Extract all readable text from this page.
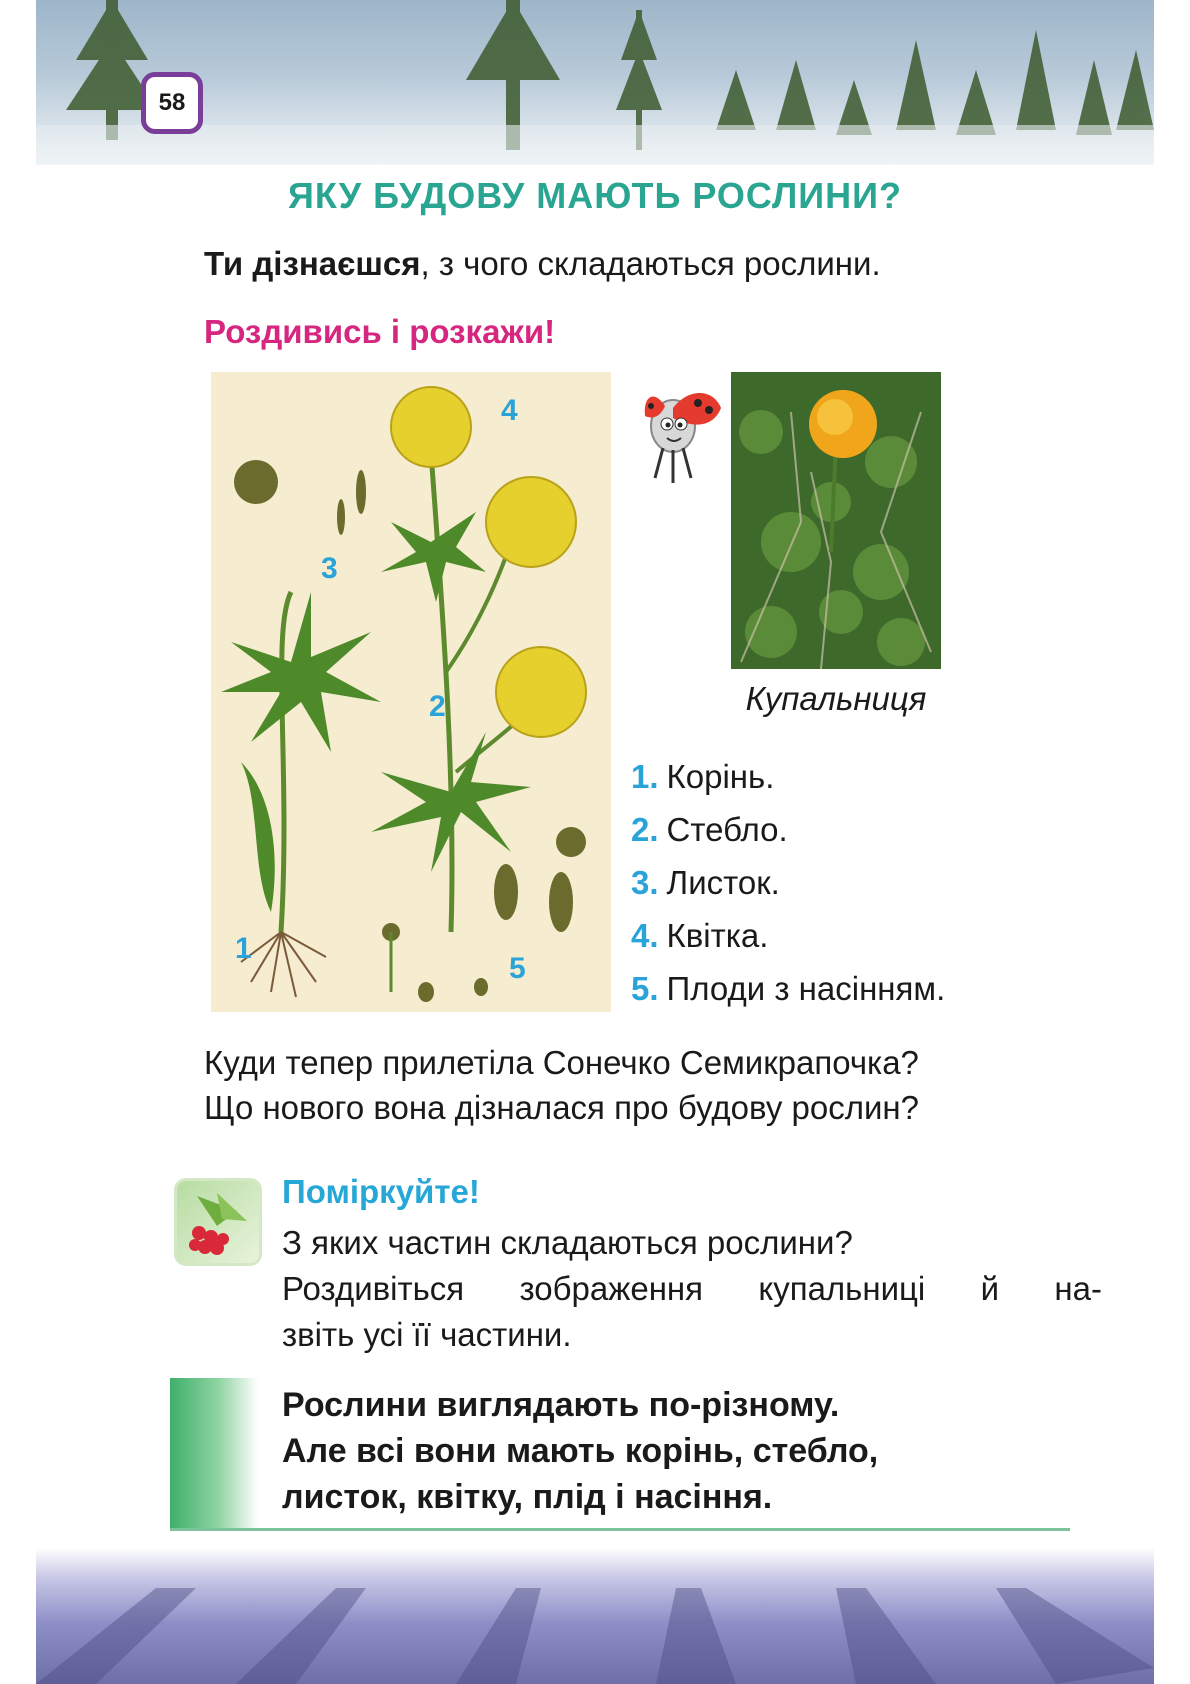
58
ЯКУ БУДОВУ МАЮТЬ РОСЛИНИ?
Ти дізнаєшся, з чого складаються рослини.
Роздивись і розкажи!
1
2
3
4
5
Купальниця
1. Корінь.
2. Стебло.
3. Листок.
4. Квітка.
5. Плоди з насінням.
Куди тепер прилетіла Сонечко Семикрапочка?
Що нового вона дізналася про будову рослин?
Поміркуйте!
З яких частин складаються рослини?
Роздивіться зображення купальниці й на-
звіть усі її частини.
Рослини виглядають по-різному.
Але всі вони мають корінь, стебло,
листок, квітку, плід і насіння.
